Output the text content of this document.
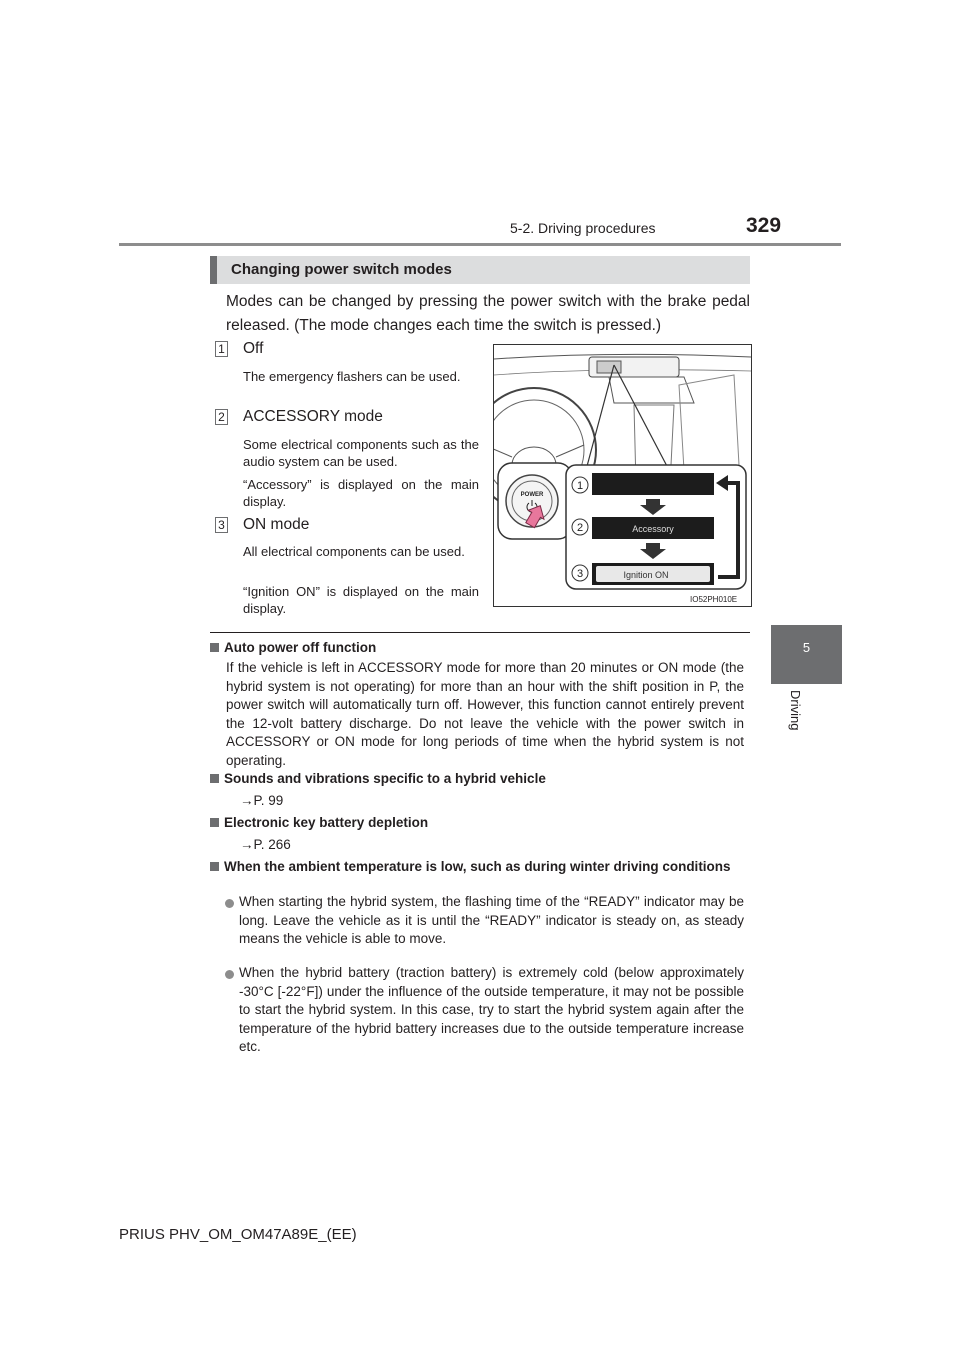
5-2. Driving procedures	329
5
Driving
Changing power switch modes
Modes can be changed by pressing the power switch with the brake pedal released. (The mode changes each time the switch is pressed.)
1 Off
The emergency flashers can be used.
2 ACCESSORY mode
Some electrical components such as the audio system can be used.
“Accessory” is displayed on the main display.
3 ON mode
All electrical components can be used.
“Ignition ON” is displayed on the main display.
POWER
1
2
3
Accessory
Ignition ON
IO52PH010E
Auto power off function
If the vehicle is left in ACCESSORY mode for more than 20 minutes or ON mode (the hybrid system is not operating) for more than an hour with the shift position in P, the power switch will automatically turn off. However, this function cannot entirely prevent the 12-volt battery discharge. Do not leave the vehicle with the power switch in ACCESSORY or ON mode for long periods of time when the hybrid system is not operating.
Sounds and vibrations specific to a hybrid vehicle
→P. 99
Electronic key battery depletion
→P. 266
When the ambient temperature is low, such as during winter driving conditions
When starting the hybrid system, the flashing time of the “READY” indicator may be long. Leave the vehicle as it is until the “READY” indicator is steady on, as steady means the vehicle is able to move.
When the hybrid battery (traction battery) is extremely cold (below approximately -30°C [-22°F]) under the influence of the outside temperature, it may not be possible to start the hybrid system. In this case, try to start the hybrid system again after the temperature of the hybrid battery increases due to the outside temperature increase etc.
PRIUS PHV_OM_OM47A89E_(EE)
